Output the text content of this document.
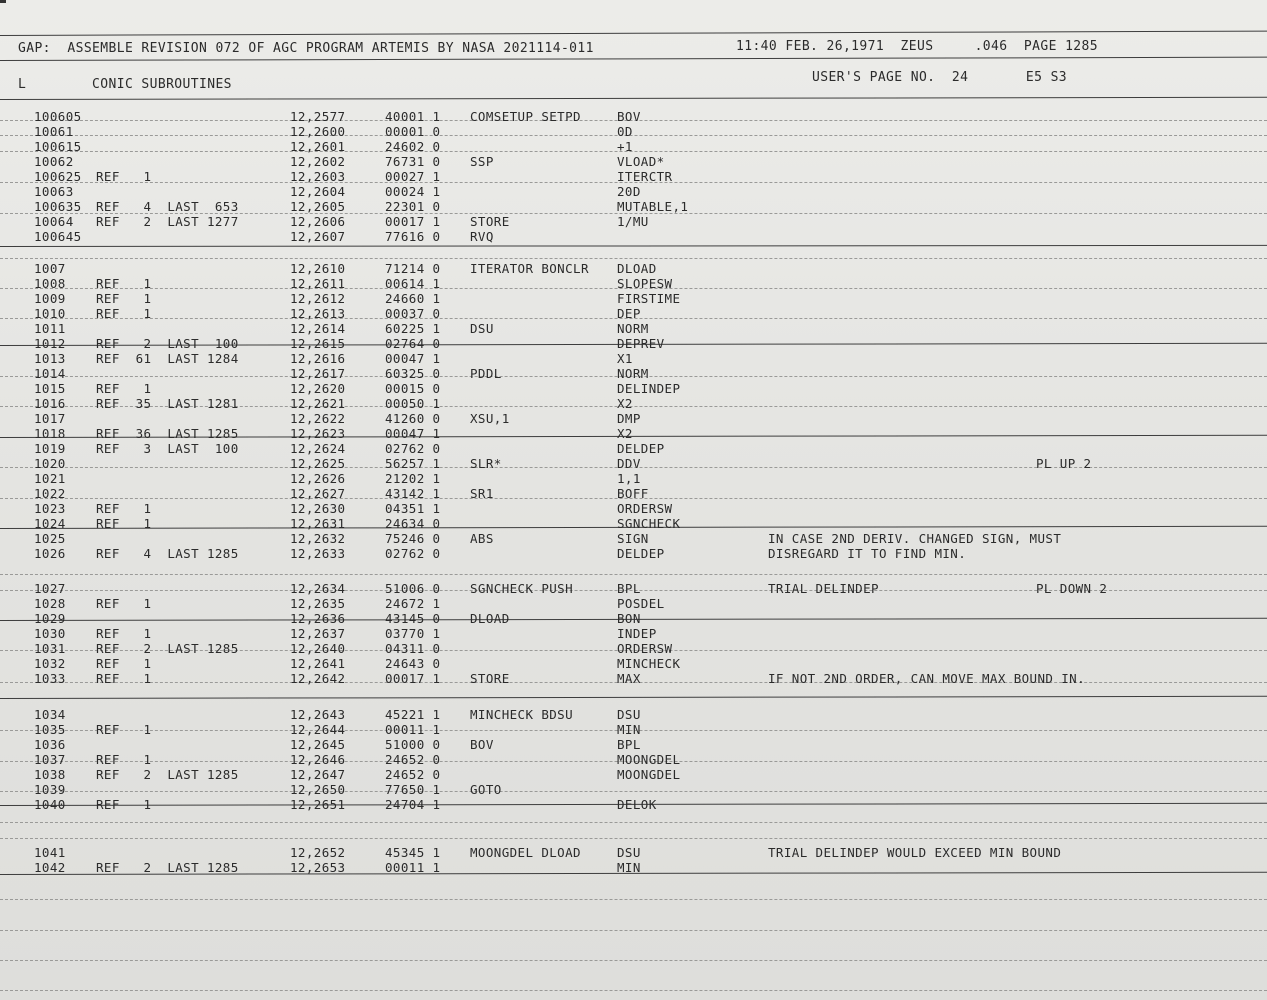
GAP:  ASSEMBLE REVISION 072 OF AGC PROGRAM ARTEMIS BY NASA 2021114-011	11:40 FEB. 26,1971  ZEUS     .046  PAGE 1285
L        CONIC SUBROUTINES	USER'S PAGE NO.  24       E5 S3
100605	12,2577	40001 1 COMSETUP SETPD	BOV
10061	12,2600	00001 0	0D
100615	12,2601	24602 0	+1
10062	12,2602	76731 0 SSP	VLOAD*
100625 REF   1	12,2603	00027 1	ITERCTR
10063	12,2604	00024 1	20D
100635 REF   4  LAST  653	12,2605	22301 0	MUTABLE,1
10064 REF   2  LAST 1277	12,2606	00017 1 STORE	1/MU
100645	12,2607	77616 0 RVQ
1007	12,2610	71214 0 ITERATOR BONCLR DLOAD
1008 REF   1	12,2611	00614 1	SLOPESW
1009 REF   1	12,2612	24660 1	FIRSTIME
1010 REF   1	12,2613	00037 0	DEP
1011	12,2614	60225 1 DSU	NORM
1012 REF   2  LAST  100	12,2615	02764 0	DEPREV
1013 REF  61  LAST 1284	12,2616	00047 1	X1
1014	12,2617	60325 0 PDDL	NORM
1015 REF   1	12,2620	00015 0	DELINDEP
1016 REF  35  LAST 1281	12,2621	00050 1	X2
1017	12,2622	41260 0 XSU,1	DMP
1018 REF  36  LAST 1285	12,2623	00047 1	X2
1019 REF   3  LAST  100	12,2624	02762 0	DELDEP
1020	12,2625	56257 1 SLR*	DDV	PL UP 2
1021	12,2626	21202 1	1,1
1022	12,2627	43142 1 SR1	BOFF
1023 REF   1	12,2630	04351 1	ORDERSW
1024 REF   1	12,2631	24634 0	SGNCHECK
1025	12,2632	75246 0 ABS	SIGN	IN CASE 2ND DERIV. CHANGED SIGN, MUST
1026 REF   4  LAST 1285	12,2633	02762 0	DELDEP	DISREGARD IT TO FIND MIN.
1027	12,2634	51006 0 SGNCHECK PUSH	BPL	TRIAL DELINDEP	PL DOWN 2
1028 REF   1	12,2635	24672 1	POSDEL
1029	12,2636	43145 0 DLOAD	BON
1030 REF   1	12,2637	03770 1	INDEP
1031 REF   2  LAST 1285	12,2640	04311 0	ORDERSW
1032 REF   1	12,2641	24643 0	MINCHECK
1033 REF   1	12,2642	00017 1 STORE	MAX	IF NOT 2ND ORDER, CAN MOVE MAX BOUND IN.
1034	12,2643	45221 1 MINCHECK BDSU	DSU
1035 REF   1	12,2644	00011 1	MIN
1036	12,2645	51000 0 BOV	BPL
1037 REF   1	12,2646	24652 0	MOONGDEL
1038 REF   2  LAST 1285	12,2647	24652 0	MOONGDEL
1039	12,2650	77650 1 GOTO
1040 REF   1	12,2651	24704 1	DELOK
1041	12,2652	45345 1 MOONGDEL DLOAD	DSU	TRIAL DELINDEP WOULD EXCEED MIN BOUND
1042 REF   2  LAST 1285	12,2653	00011 1	MIN
